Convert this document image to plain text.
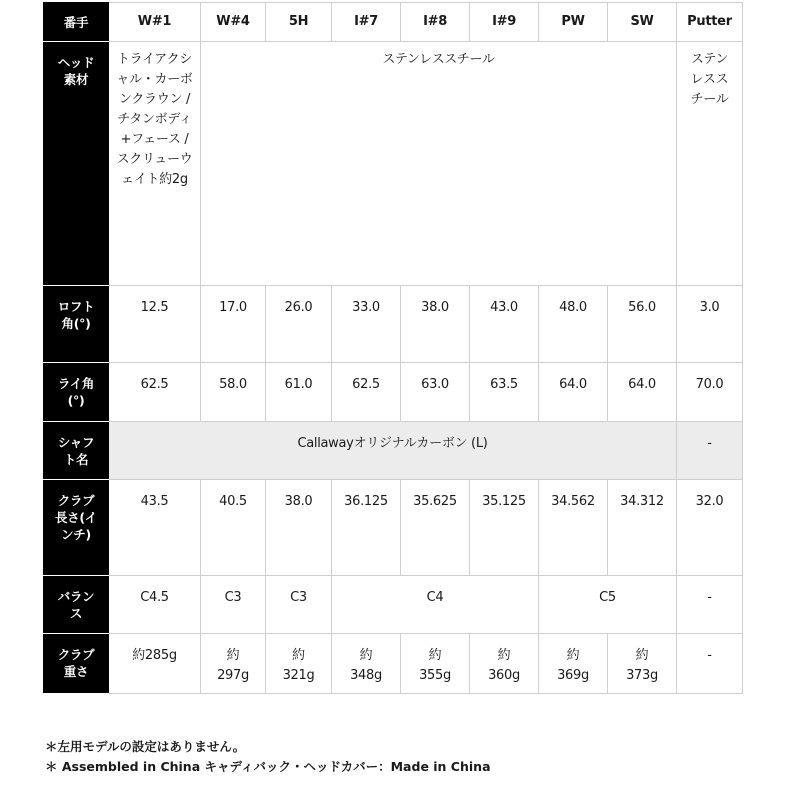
番手	W#1	W#4	5H	I#7	I#8	I#9	PW	SW	Putter
ヘッド素材	トライアクシャル・カーボンクラウン / チタンボディ+フェース / スクリューウェイト約2g	ステンレススチール							ステンレススチール
ロフト角(°)	12.5	17.0	26.0	33.0	38.0	43.0	48.0	56.0	3.0
ライ角(°)	62.5	58.0	61.0	62.5	63.0	63.5	64.0	64.0	70.0
シャフト名	Callawayオリジナルカーボン (L)								-
クラブ長さ(インチ)	43.5	40.5	38.0	36.125	35.625	35.125	34.562	34.312	32.0
バランス	C4.5	C3	C3	C4			C5		-
クラブ重さ	約285g	約297g	約321g	約348g	約355g	約360g	約369g	約373g	-
＊左用モデルの設定はありません。
＊ Assembled in China キャディバック・ヘッドカバー：Made in China
